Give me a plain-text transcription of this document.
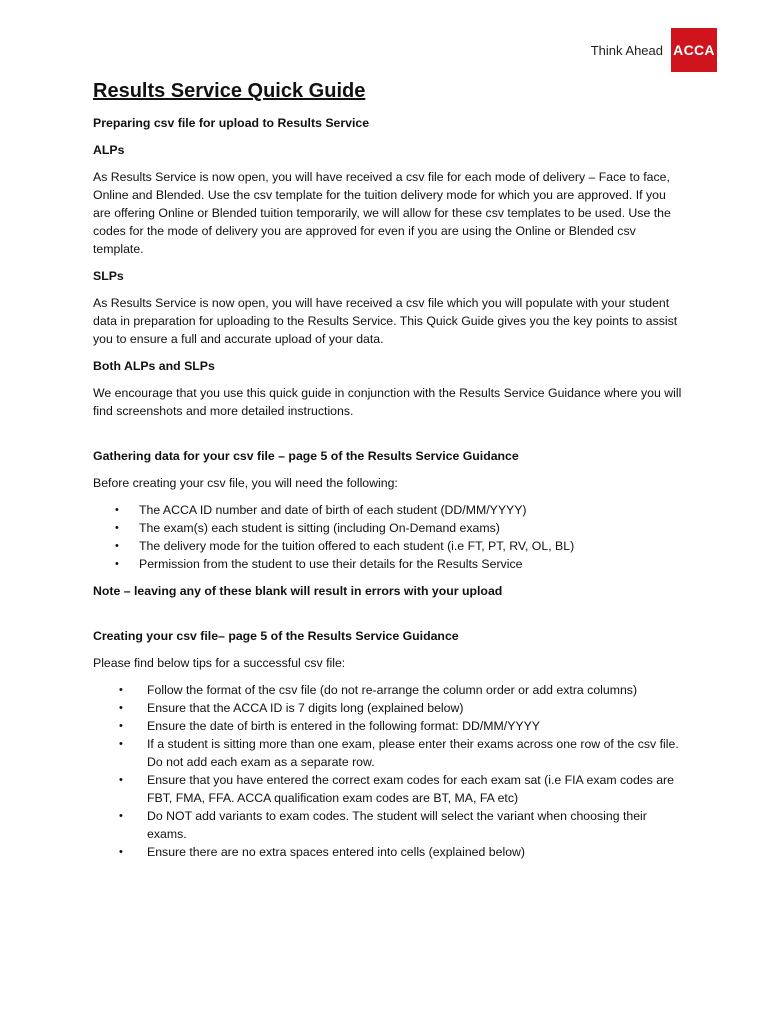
Think Ahead ACCA
Results Service Quick Guide
Preparing csv file for upload to Results Service
ALPs
As Results Service is now open, you will have received a csv file for each mode of delivery – Face to face, Online and Blended. Use the csv template for the tuition delivery mode for which you are approved. If you are offering Online or Blended tuition temporarily, we will allow for these csv templates to be used. Use the codes for the mode of delivery you are approved for even if you are using the Online or Blended csv template.
SLPs
As Results Service is now open, you will have received a csv file which you will populate with your student data in preparation for uploading to the Results Service. This Quick Guide gives you the key points to assist you to ensure a full and accurate upload of your data.
Both ALPs and SLPs
We encourage that you use this quick guide in conjunction with the Results Service Guidance where you will find screenshots and more detailed instructions.
Gathering data for your csv file – page 5 of the Results Service Guidance
Before creating your csv file, you will need the following:
• The ACCA ID number and date of birth of each student (DD/MM/YYYY)
• The exam(s) each student is sitting (including On-Demand exams)
• The delivery mode for the tuition offered to each student (i.e FT, PT, RV, OL, BL)
• Permission from the student to use their details for the Results Service
Note – leaving any of these blank will result in errors with your upload
Creating your csv file– page 5 of the Results Service Guidance
Please find below tips for a successful csv file:
• Follow the format of the csv file (do not re-arrange the column order or add extra columns)
• Ensure that the ACCA ID is 7 digits long (explained below)
• Ensure the date of birth is entered in the following format: DD/MM/YYYY
• If a student is sitting more than one exam, please enter their exams across one row of the csv file. Do not add each exam as a separate row.
• Ensure that you have entered the correct exam codes for each exam sat (i.e FIA exam codes are FBT, FMA, FFA. ACCA qualification exam codes are BT, MA, FA etc)
• Do NOT add variants to exam codes. The student will select the variant when choosing their exams.
• Ensure there are no extra spaces entered into cells (explained below)
